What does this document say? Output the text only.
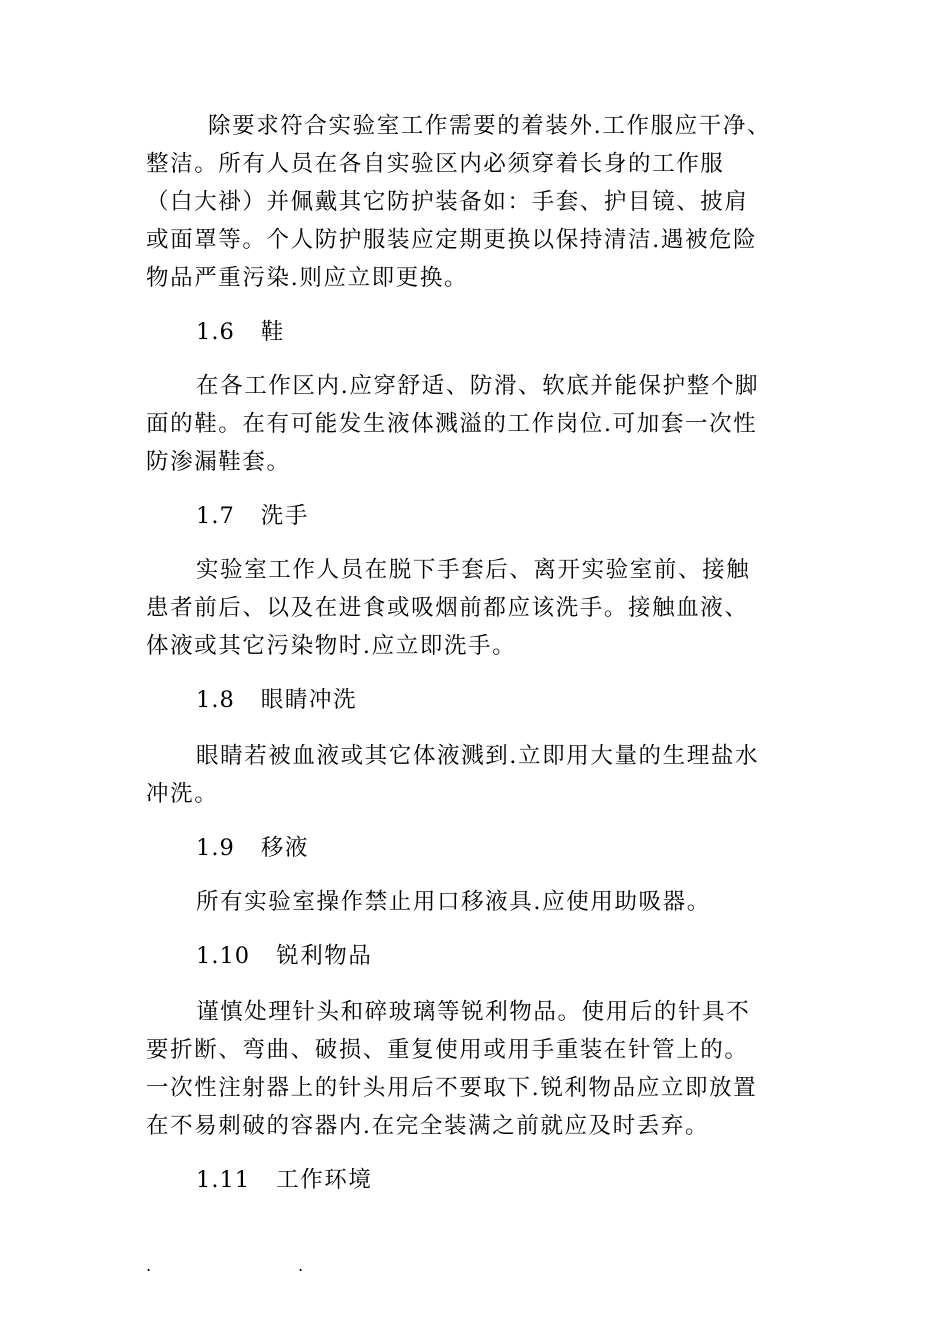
除要求符合实验室工作需要的着装外.工作服应干净、
整洁。所有人员在各自实验区内必须穿着长身的工作服
（白大褂）并佩戴其它防护装备如：手套、护目镜、披肩
或面罩等。个人防护服装应定期更换以保持清洁.遇被危险
物品严重污染.则应立即更换。
1.6 鞋
在各工作区内.应穿舒适、防滑、软底并能保护整个脚
面的鞋。在有可能发生液体溅溢的工作岗位.可加套一次性
防渗漏鞋套。
1.7 洗手
实验室工作人员在脱下手套后、离开实验室前、接触
患者前后、以及在进食或吸烟前都应该洗手。接触血液、
体液或其它污染物时.应立即洗手。
1.8 眼睛冲洗
眼睛若被血液或其它体液溅到.立即用大量的生理盐水
冲洗。
1.9 移液
所有实验室操作禁止用口移液具.应使用助吸器。
1.10 锐利物品
谨慎处理针头和碎玻璃等锐利物品。使用后的针具不
要折断、弯曲、破损、重复使用或用手重装在针管上的。
一次性注射器上的针头用后不要取下.锐利物品应立即放置
在不易刺破的容器内.在完全装满之前就应及时丢弃。
1.11 工作环境
.	.
